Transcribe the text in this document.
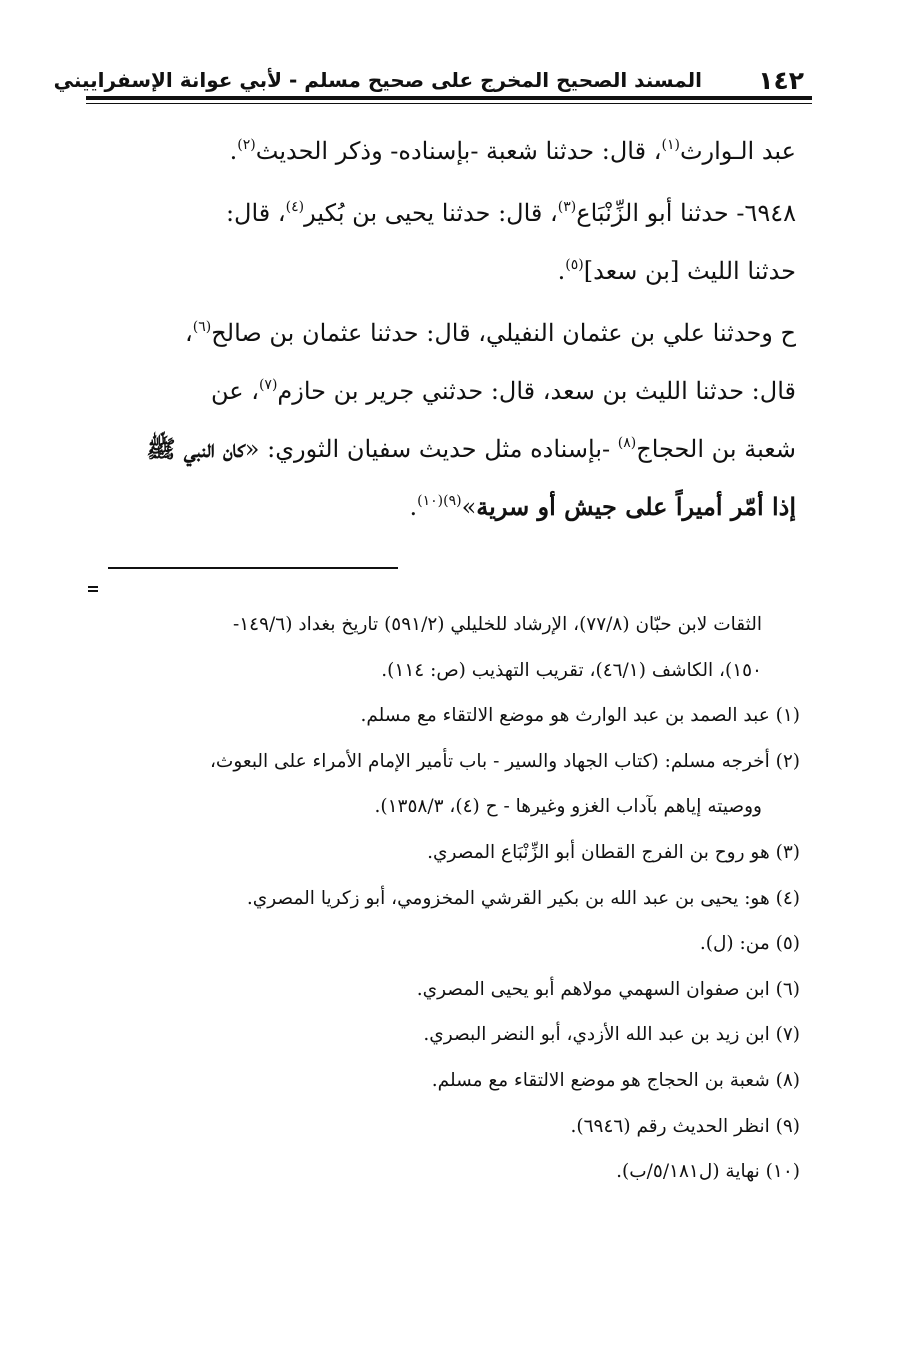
١٤٢
المسند الصحيح المخرج على صحيح مسلم - لأبي عوانة الإسفراييني

عبد الـوارث$^{(١)}$، قال: حدثنا شعبة -بإسناده- وذكر الحديث$^{(٢)}$.

٦٩٤٨- حدثنا أبو الزِّنْبَاع$^{(٣)}$، قال: حدثنا يحيى بن بُكير$^{(٤)}$، قال:

حدثنا الليث [بن سعد]$^{(٥)}$.

ح وحدثنا علي بن عثمان النفيلي، قال: حدثنا عثمان بن صالح$^{(٦)}$،

قال: حدثنا الليث بن سعد، قال: حدثني جرير بن حازم$^{(٧)}$، عن

شعبة بن الحجاج$^{(٨)}$ -بإسناده مثل حديث سفيان الثوري: «كان النبي ﷺ

إذا أمّر أميراً على جيش أو سرية»$^{(٩)(١٠)}$.

الثقات لابن حبّان (٧٧/٨)، الإرشاد للخليلي (٥٩١/٢) تاريخ بغداد (١٤٩/٦-

١٥٠)، الكاشف (٤٦/١)، تقريب التهذيب (ص: ١١٤).

(١) عبد الصمد بن عبد الوارث هو موضع الالتقاء مع مسلم.

(٢) أخرجه مسلم: (كتاب الجهاد والسير - باب تأمير الإمام الأمراء على البعوث،

ووصيته إياهم بآداب الغزو وغيرها - ح (٤)، ١٣٥٨/٣).

(٣) هو روح بن الفرج القطان أبو الزِّنْبَاع المصري.

(٤) هو: يحيى بن عبد الله بن بكير القرشي المخزومي، أبو زكريا المصري.

(٥) من: (ل).

(٦) ابن صفوان السهمي مولاهم أبو يحيى المصري.

(٧) ابن زيد بن عبد الله الأزدي، أبو النضر البصري.

(٨) شعبة بن الحجاج هو موضع الالتقاء مع مسلم.

(٩) انظر الحديث رقم (٦٩٤٦).

(١٠) نهاية (ل٥/١٨١/ب).
